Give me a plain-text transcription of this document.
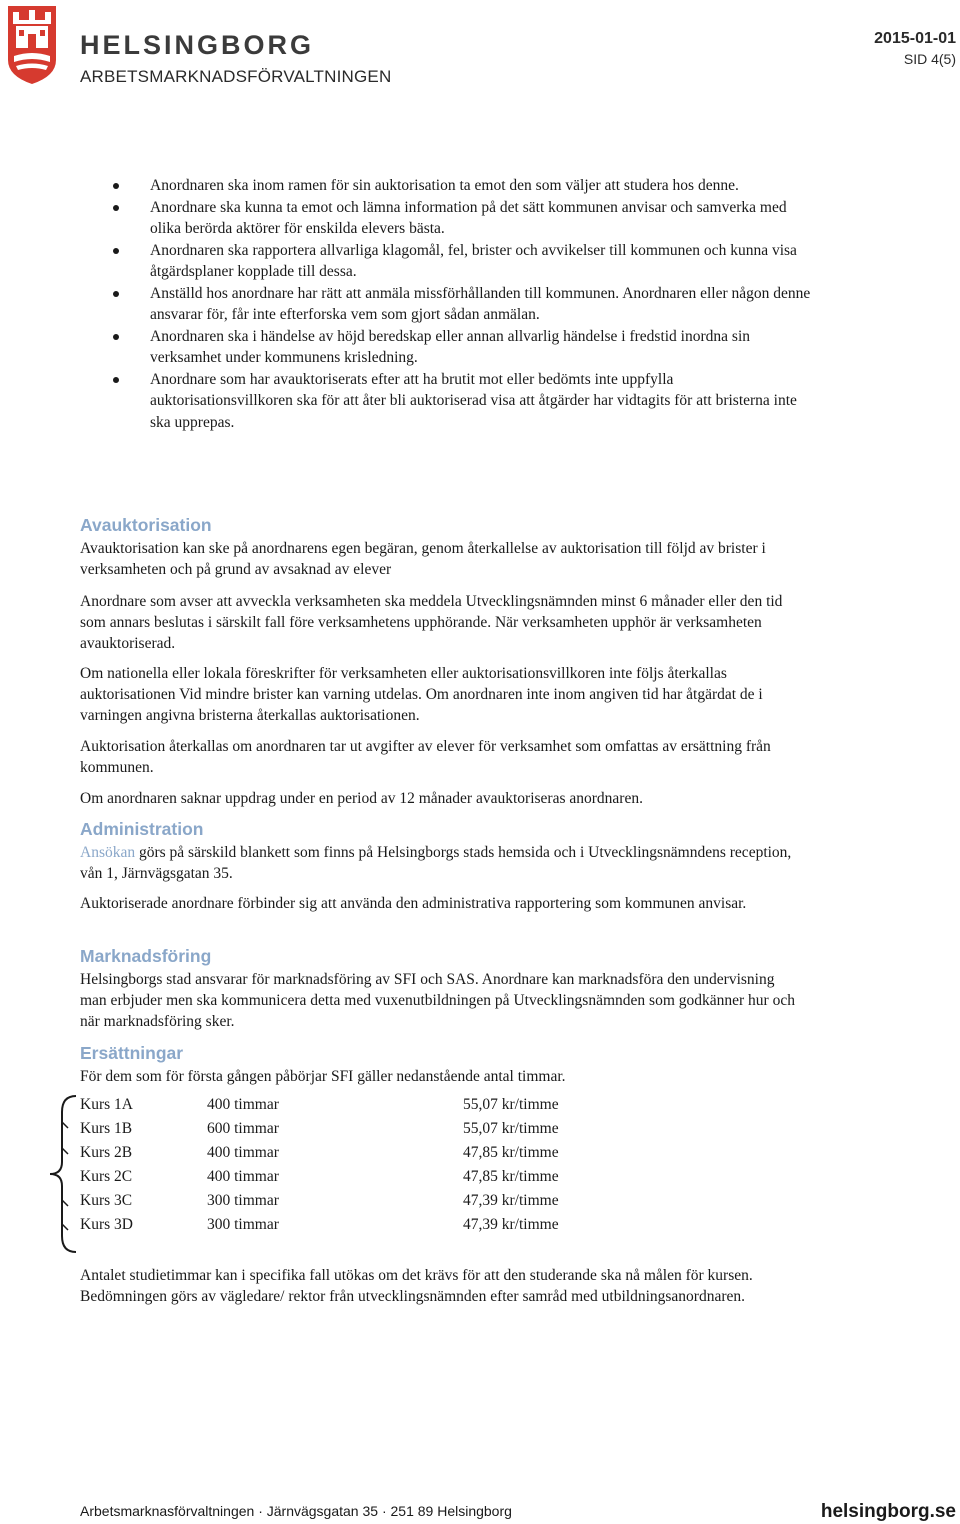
HELSINGBORG
ARBETSMARKNADSFÖRVALTNINGEN
2015-01-01
SID 4(5)
Anordnaren ska inom ramen för sin auktorisation ta emot den som väljer att studera hos denne.
Anordnare ska kunna ta emot och lämna information på det sätt kommunen anvisar och samverka med olika berörda aktörer för enskilda elevers bästa.
Anordnaren ska rapportera allvarliga klagomål, fel, brister och avvikelser till kommunen och kunna visa åtgärdsplaner kopplade till dessa.
Anställd hos anordnare har rätt att anmäla missförhållanden till kommunen. Anordnaren eller någon denne ansvarar för, får inte efterforska vem som gjort sådan anmälan.
Anordnaren ska i händelse av höjd beredskap eller annan allvarlig händelse i fredstid inordna sin verksamhet under kommunens krisledning.
Anordnare som har avauktoriserats efter att ha brutit mot eller bedömts inte uppfylla auktorisationsvillkoren ska för att åter bli auktoriserad visa att åtgärder har vidtagits för att bristerna inte ska upprepas.
Avauktorisation

Avauktorisation kan ske på anordnarens egen begäran, genom återkallelse av auktorisation till följd av brister i verksamheten och på grund av avsaknad av elever

Anordnare som avser att avveckla verksamheten ska meddela Utvecklingsnämnden minst 6 månader eller den tid som annars beslutas i särskilt fall före verksamhetens upphörande. När verksamheten upphör är verksamheten avauktoriserad.

Om nationella eller lokala föreskrifter för verksamheten eller auktorisationsvillkoren inte följs återkallas auktorisationen Vid mindre brister kan varning utdelas. Om anordnaren inte inom angiven tid har åtgärdat de i varningen angivna bristerna återkallas auktorisationen.

Auktorisation återkallas om anordnaren tar ut avgifter av elever för verksamhet som omfattas av ersättning från kommunen.

Om anordnaren saknar uppdrag under en period av 12 månader avauktoriseras anordnaren.

Administration

Ansökan görs på särskild blankett som finns på Helsingborgs stads hemsida och i Utvecklingsnämndens reception, vån 1, Järnvägsgatan 35.

Auktoriserade anordnare förbinder sig att använda den administrativa rapportering som kommunen anvisar.

Marknadsföring

Helsingborgs stad ansvarar för marknadsföring av SFI och SAS. Anordnare kan marknadsföra den undervisning man erbjuder men ska kommunicera detta med vuxenutbildningen på Utvecklingsnämnden som godkänner hur och när marknadsföring sker.

Ersättningar

För dem som för första gången påbörjar SFI gäller nedanstående antal timmar.

Kurs 1A	400 timmar	55,07 kr/timme
Kurs 1B	600 timmar	55,07 kr/timme
Kurs 2B	400 timmar	47,85 kr/timme
Kurs 2C	400 timmar	47,85 kr/timme
Kurs 3C	300 timmar	47,39 kr/timme
Kurs 3D	300 timmar	47,39 kr/timme

Antalet studietimmar kan i specifika fall utökas om det krävs för att den studerande ska nå målen för kursen. Bedömningen görs av vägledare/ rektor från utvecklingsnämnden efter samråd med utbildningsanordnaren.

Arbetsmarknasförvaltningen · Järnvägsgatan 35 · 251 89 Helsingborg	helsingborg.se
